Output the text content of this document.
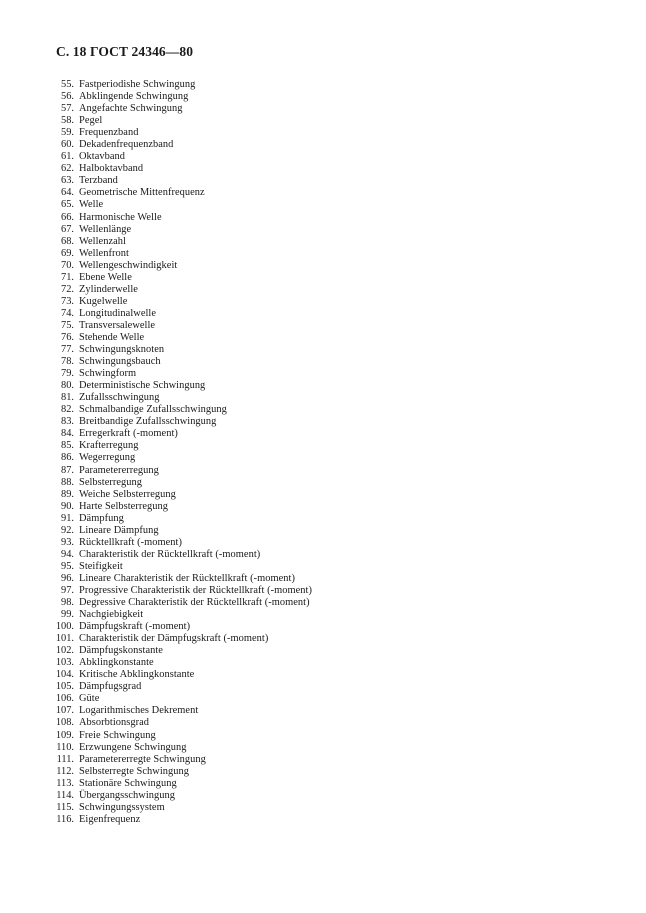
С. 18 ГОСТ 24346—80
55. Fastperiodishe Schwingung
56. Abklingende Schwingung
57. Angefachte Schwingung
58. Pegel
59. Frequenzband
60. Dekadenfrequenzband
61. Oktavband
62. Halboktavband
63. Terzband
64. Geometrische Mittenfrequenz
65. Welle
66. Harmonische Welle
67. Wellenlänge
68. Wellenzahl
69. Wellenfront
70. Wellengeschwindigkeit
71. Ebene Welle
72. Zylinderwelle
73. Kugelwelle
74. Longitudinalwelle
75. Transversalewelle
76. Stehende Welle
77. Schwingungsknoten
78. Schwingungsbauch
79. Schwingform
80. Deterministische Schwingung
81. Zufallsschwingung
82. Schmalbandige Zufallsschwingung
83. Breitbandige Zufallsschwingung
84. Erregerkraft (-moment)
85. Krafterregung
86. Wegerregung
87. Parametererregung
88. Selbsterregung
89. Weiche Selbsterregung
90. Harte Selbsterregung
91. Dämpfung
92. Lineare Dämpfung
93. Rücktellkraft (-moment)
94. Charakteristik der Rücktellkraft (-moment)
95. Steifigkeit
96. Lineare Charakteristik der Rücktellkraft (-moment)
97. Progressive Charakteristik der Rücktellkraft (-moment)
98. Degressive Charakteristik der Rücktellkraft (-moment)
99. Nachgiebigkeit
100. Dämpfugskraft (-moment)
101. Charakteristik der Dämpfugskraft (-moment)
102. Dämpfugskonstante
103. Abklingkonstante
104. Kritische Abklingkonstante
105. Dämpfugsgrad
106. Güte
107. Logarithmisches Dekrement
108. Absorbtionsgrad
109. Freie Schwingung
110. Erzwungene Schwingung
111. Parametererregte Schwingung
112. Selbsterregte Schwingung
113. Stationäre Schwingung
114. Übergangsschwingung
115. Schwingungssystem
116. Eigenfrequenz
